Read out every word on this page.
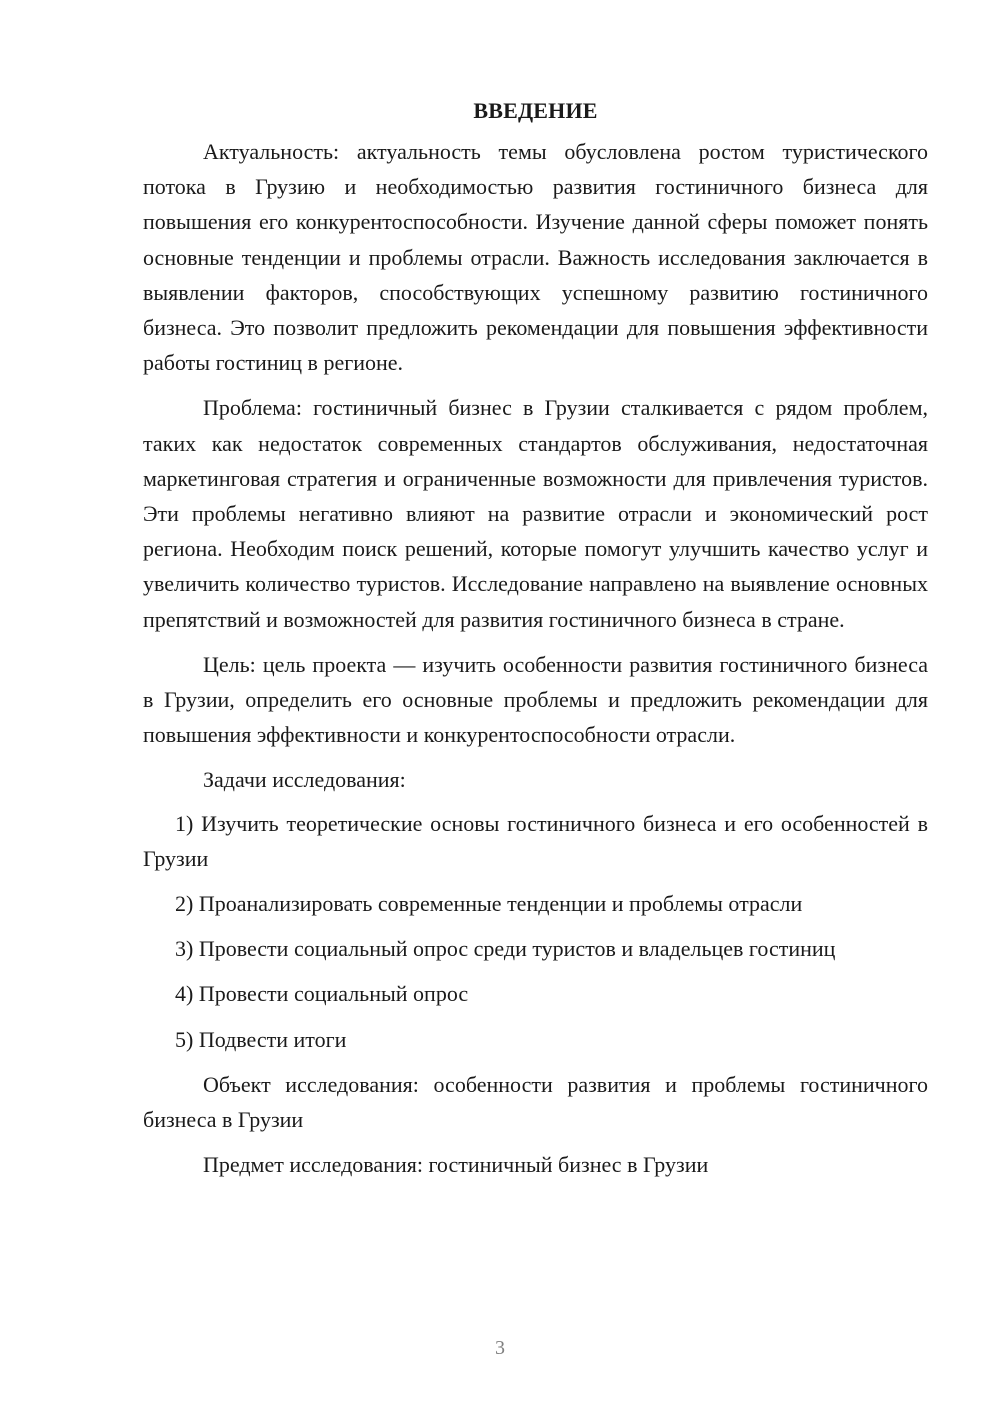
ВВЕДЕНИЕ

Актуальность: актуальность темы обусловлена ростом туристического потока в Грузию и необходимостью развития гостиничного бизнеса для повышения его конкурентоспособности. Изучение данной сферы поможет понять основные тенденции и проблемы отрасли. Важность исследования заключается в выявлении факторов, способствующих успешному развитию гостиничного бизнеса. Это позволит предложить рекомендации для повышения эффективности работы гостиниц в регионе.

Проблема: гостиничный бизнес в Грузии сталкивается с рядом проблем, таких как недостаток современных стандартов обслуживания, недостаточная маркетинговая стратегия и ограниченные возможности для привлечения туристов. Эти проблемы негативно влияют на развитие отрасли и экономический рост региона. Необходим поиск решений, которые помогут улучшить качество услуг и увеличить количество туристов. Исследование направлено на выявление основных препятствий и возможностей для развития гостиничного бизнеса в стране.

Цель: цель проекта — изучить особенности развития гостиничного бизнеса в Грузии, определить его основные проблемы и предложить рекомендации для повышения эффективности и конкурентоспособности отрасли.

Задачи исследования:

1) Изучить теоретические основы гостиничного бизнеса и его особенностей в Грузии

2) Проанализировать современные тенденции и проблемы отрасли

3) Провести социальный опрос среди туристов и владельцев гостиниц

4) Провести социальный опрос

5) Подвести итоги

Объект исследования: особенности развития и проблемы гостиничного бизнеса в Грузии

Предмет исследования: гостиничный бизнес в Грузии

3
